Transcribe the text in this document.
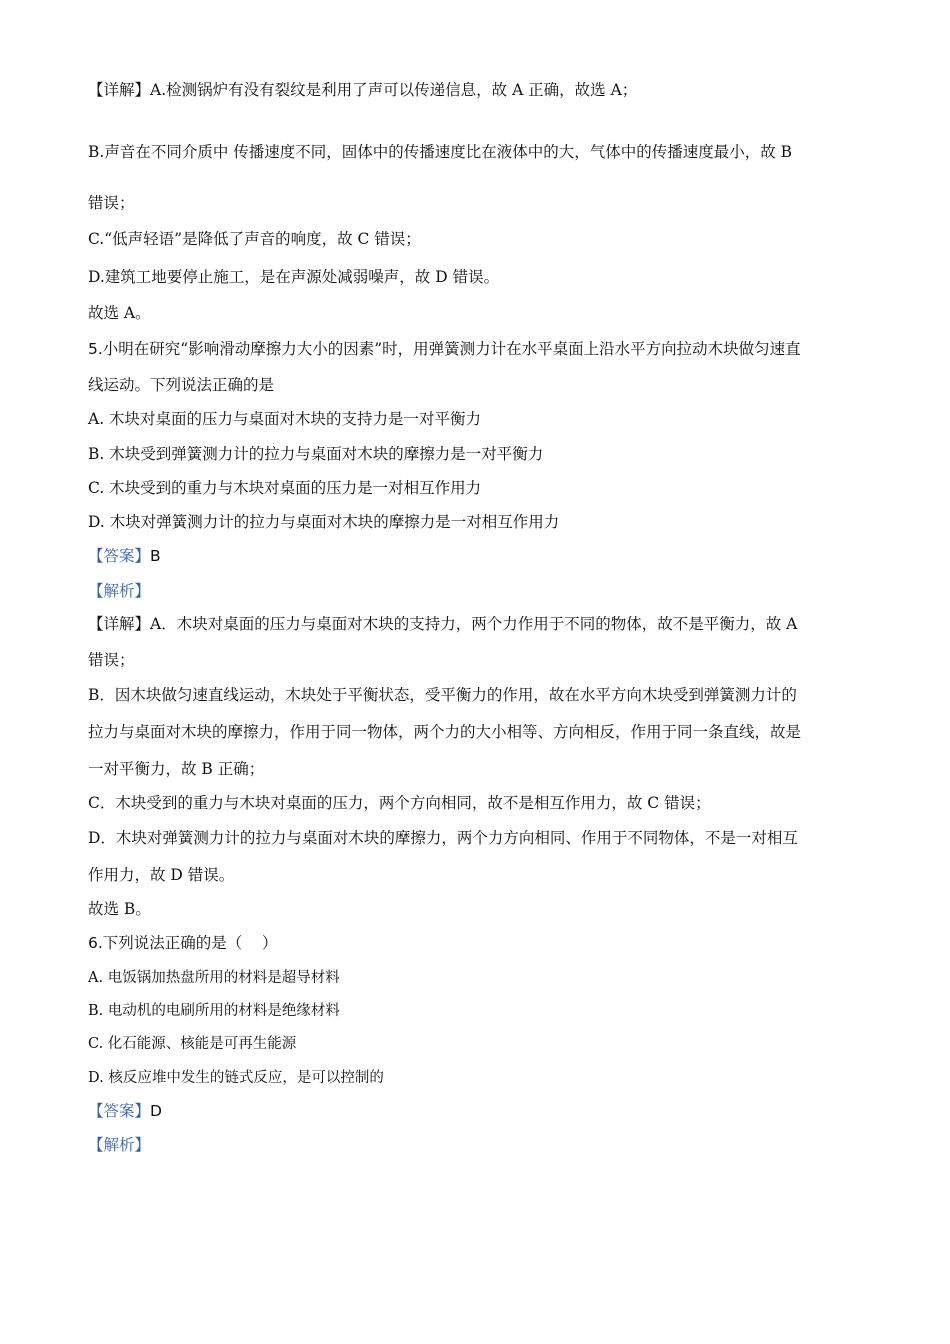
【详解】A.检测锅炉有没有裂纹是利用了声可以传递信息，故 A 正确，故选 A；
B.声音在不同介质中 传播速度不同，固体中的传播速度比在液体中的大，气体中的传播速度最小，故 B
错误；
C.“低声轻语”是降低了声音的响度，故 C 错误；
D.建筑工地要停止施工，是在声源处减弱噪声，故 D 错误。
故选 A。
5.小明在研究“影响滑动摩擦力大小的因素”时，用弹簧测力计在水平桌面上沿水平方向拉动木块做匀速直
线运动。下列说法正确的是
A. 木块对桌面的压力与桌面对木块的支持力是一对平衡力
B. 木块受到弹簧测力计的拉力与桌面对木块的摩擦力是一对平衡力
C. 木块受到的重力与木块对桌面的压力是一对相互作用力
D. 木块对弹簧测力计的拉力与桌面对木块的摩擦力是一对相互作用力
【答案】B
【解析】
【详解】A．木块对桌面的压力与桌面对木块的支持力，两个力作用于不同的物体，故不是平衡力，故 A
错误；
B．因木块做匀速直线运动，木块处于平衡状态，受平衡力的作用，故在水平方向木块受到弹簧测力计的
拉力与桌面对木块的摩擦力，作用于同一物体，两个力的大小相等、方向相反，作用于同一条直线，故是
一对平衡力，故 B 正确；
C．木块受到的重力与木块对桌面的压力，两个方向相同，故不是相互作用力，故 C 错误；
D．木块对弹簧测力计的拉力与桌面对木块的摩擦力，两个力方向相同、作用于不同物体，不是一对相互
作用力，故 D 错误。
故选 B。
6.下列说法正确的是（    ）
A. 电饭锅加热盘所用的材料是超导材料
B. 电动机的电刷所用的材料是绝缘材料
C. 化石能源、核能是可再生能源
D. 核反应堆中发生的链式反应，是可以控制的
【答案】D
【解析】
